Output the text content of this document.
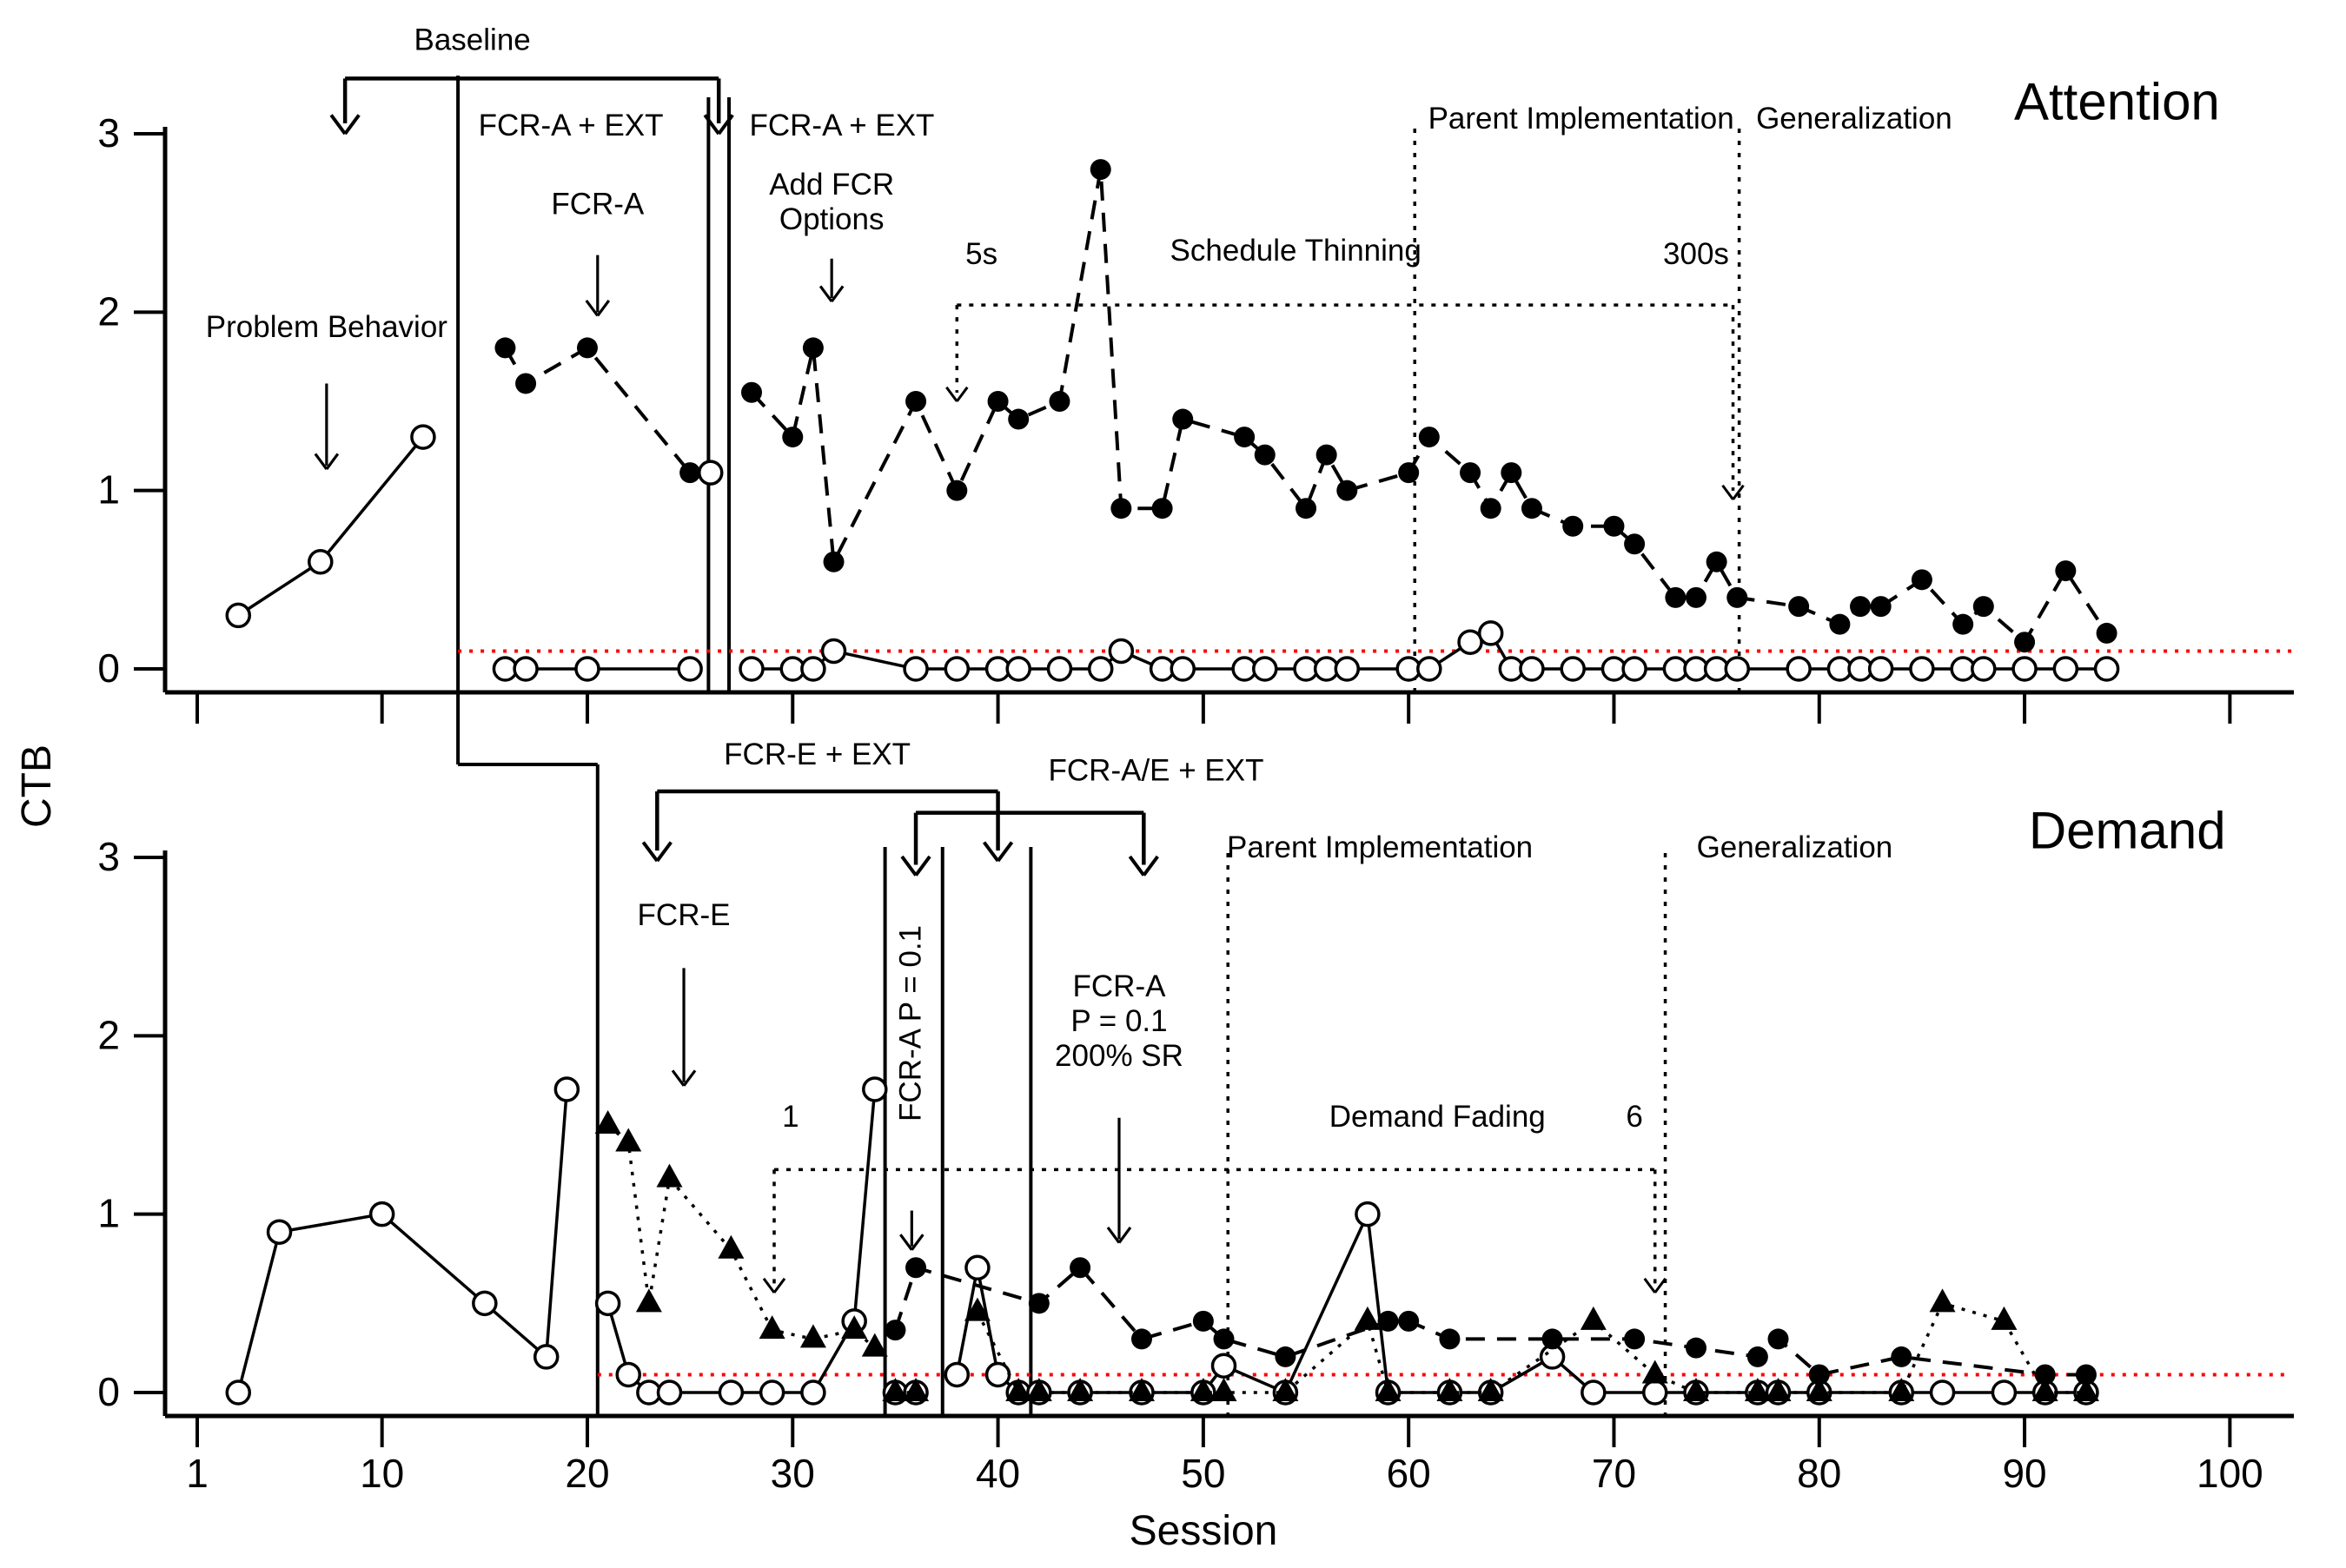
Baseline
FCR-A + EXT	FCR-A + EXT
FCR-A
Problem Behavior
Add FCR
Options
5s	Schedule Thinning	300s
Parent Implementation Generalization Attention
FCR-E + EXT	FCR-A/E + EXT
FCR-E
FCR-A P = 0.1	FCR-A
P = 0.1
200% SR
1	Demand Fading	6
Parent Implementation	Generalization	Demand
0
1
2
3
0
1
2
3
1	10	20	30	40	50	60	70	80	90	100
Session
CTB
